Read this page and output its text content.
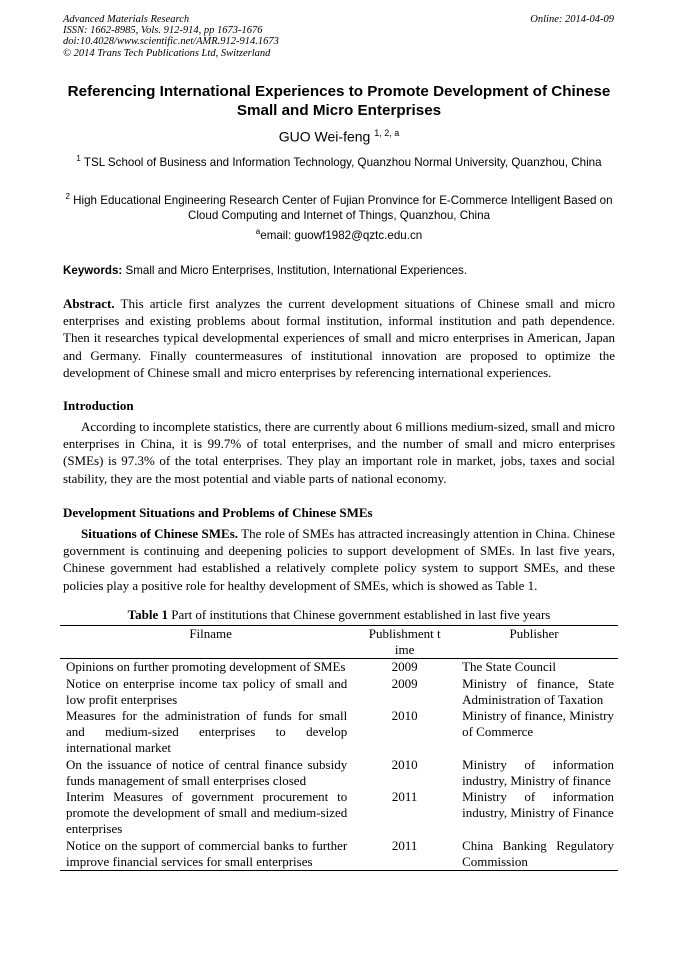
Advanced Materials Research
ISSN: 1662-8985, Vols. 912-914, pp 1673-1676
doi:10.4028/www.scientific.net/AMR.912-914.1673
© 2014 Trans Tech Publications Ltd, Switzerland
Online: 2014-04-09
Referencing International Experiences to Promote Development of Chinese Small and Micro Enterprises
GUO Wei-feng $^{1, 2, a}$
$^1$ TSL School of Business and Information Technology, Quanzhou Normal University, Quanzhou, China
$^2$ High Educational Engineering Research Center of Fujian Pronvince for E-Commerce Intelligent Based on Cloud Computing and Internet of Things, Quanzhou, China
$^a$email: guowf1982@qztc.edu.cn
Keywords: Small and Micro Enterprises, Institution, International Experiences.
Abstract. This article first analyzes the current development situations of Chinese small and micro enterprises and existing problems about formal institution, informal institution and path dependence. Then it researches typical developmental experiences of small and micro enterprises in American, Japan and Germany. Finally countermeasures of institutional innovation are proposed to optimize the development of Chinese small and micro enterprises by referencing international experiences.
Introduction
According to incomplete statistics, there are currently about 6 millions medium-sized, small and micro enterprises in China, it is 99.7% of total enterprises, and the number of small and micro enterprises (SMEs) is 97.3% of the total enterprises. They play an important role in market, jobs, taxes and social stability, they are the most potential and viable parts of national economy.
Development Situations and Problems of Chinese SMEs
Situations of Chinese SMEs. The role of SMEs has attracted increasingly attention in China. Chinese government is continuing and deepening policies to support development of SMEs. In last five years, Chinese government had established a relatively complete policy system to support SMEs, and these policies play a positive role for healthy development of SMEs, which is showed as Table 1.
Table 1 Part of institutions that Chinese government established in last five years
Filname	Publishment time	Publisher
Opinions on further promoting development of SMEs	2009	The State Council
Notice on enterprise income tax policy of small and low profit enterprises	2009	Ministry of finance, State Administration of Taxation
Measures for the administration of funds for small and medium-sized enterprises to develop international market	2010	Ministry of finance, Ministry of Commerce
On the issuance of notice of central finance subsidy funds management of small enterprises closed	2010	Ministry of information industry, Ministry of finance
Interim Measures of government procurement to promote the development of small and medium-sized enterprises	2011	Ministry of information industry, Ministry of Finance
Notice on the support of commercial banks to further improve financial services for small enterprises	2011	China Banking Regulatory Commission
